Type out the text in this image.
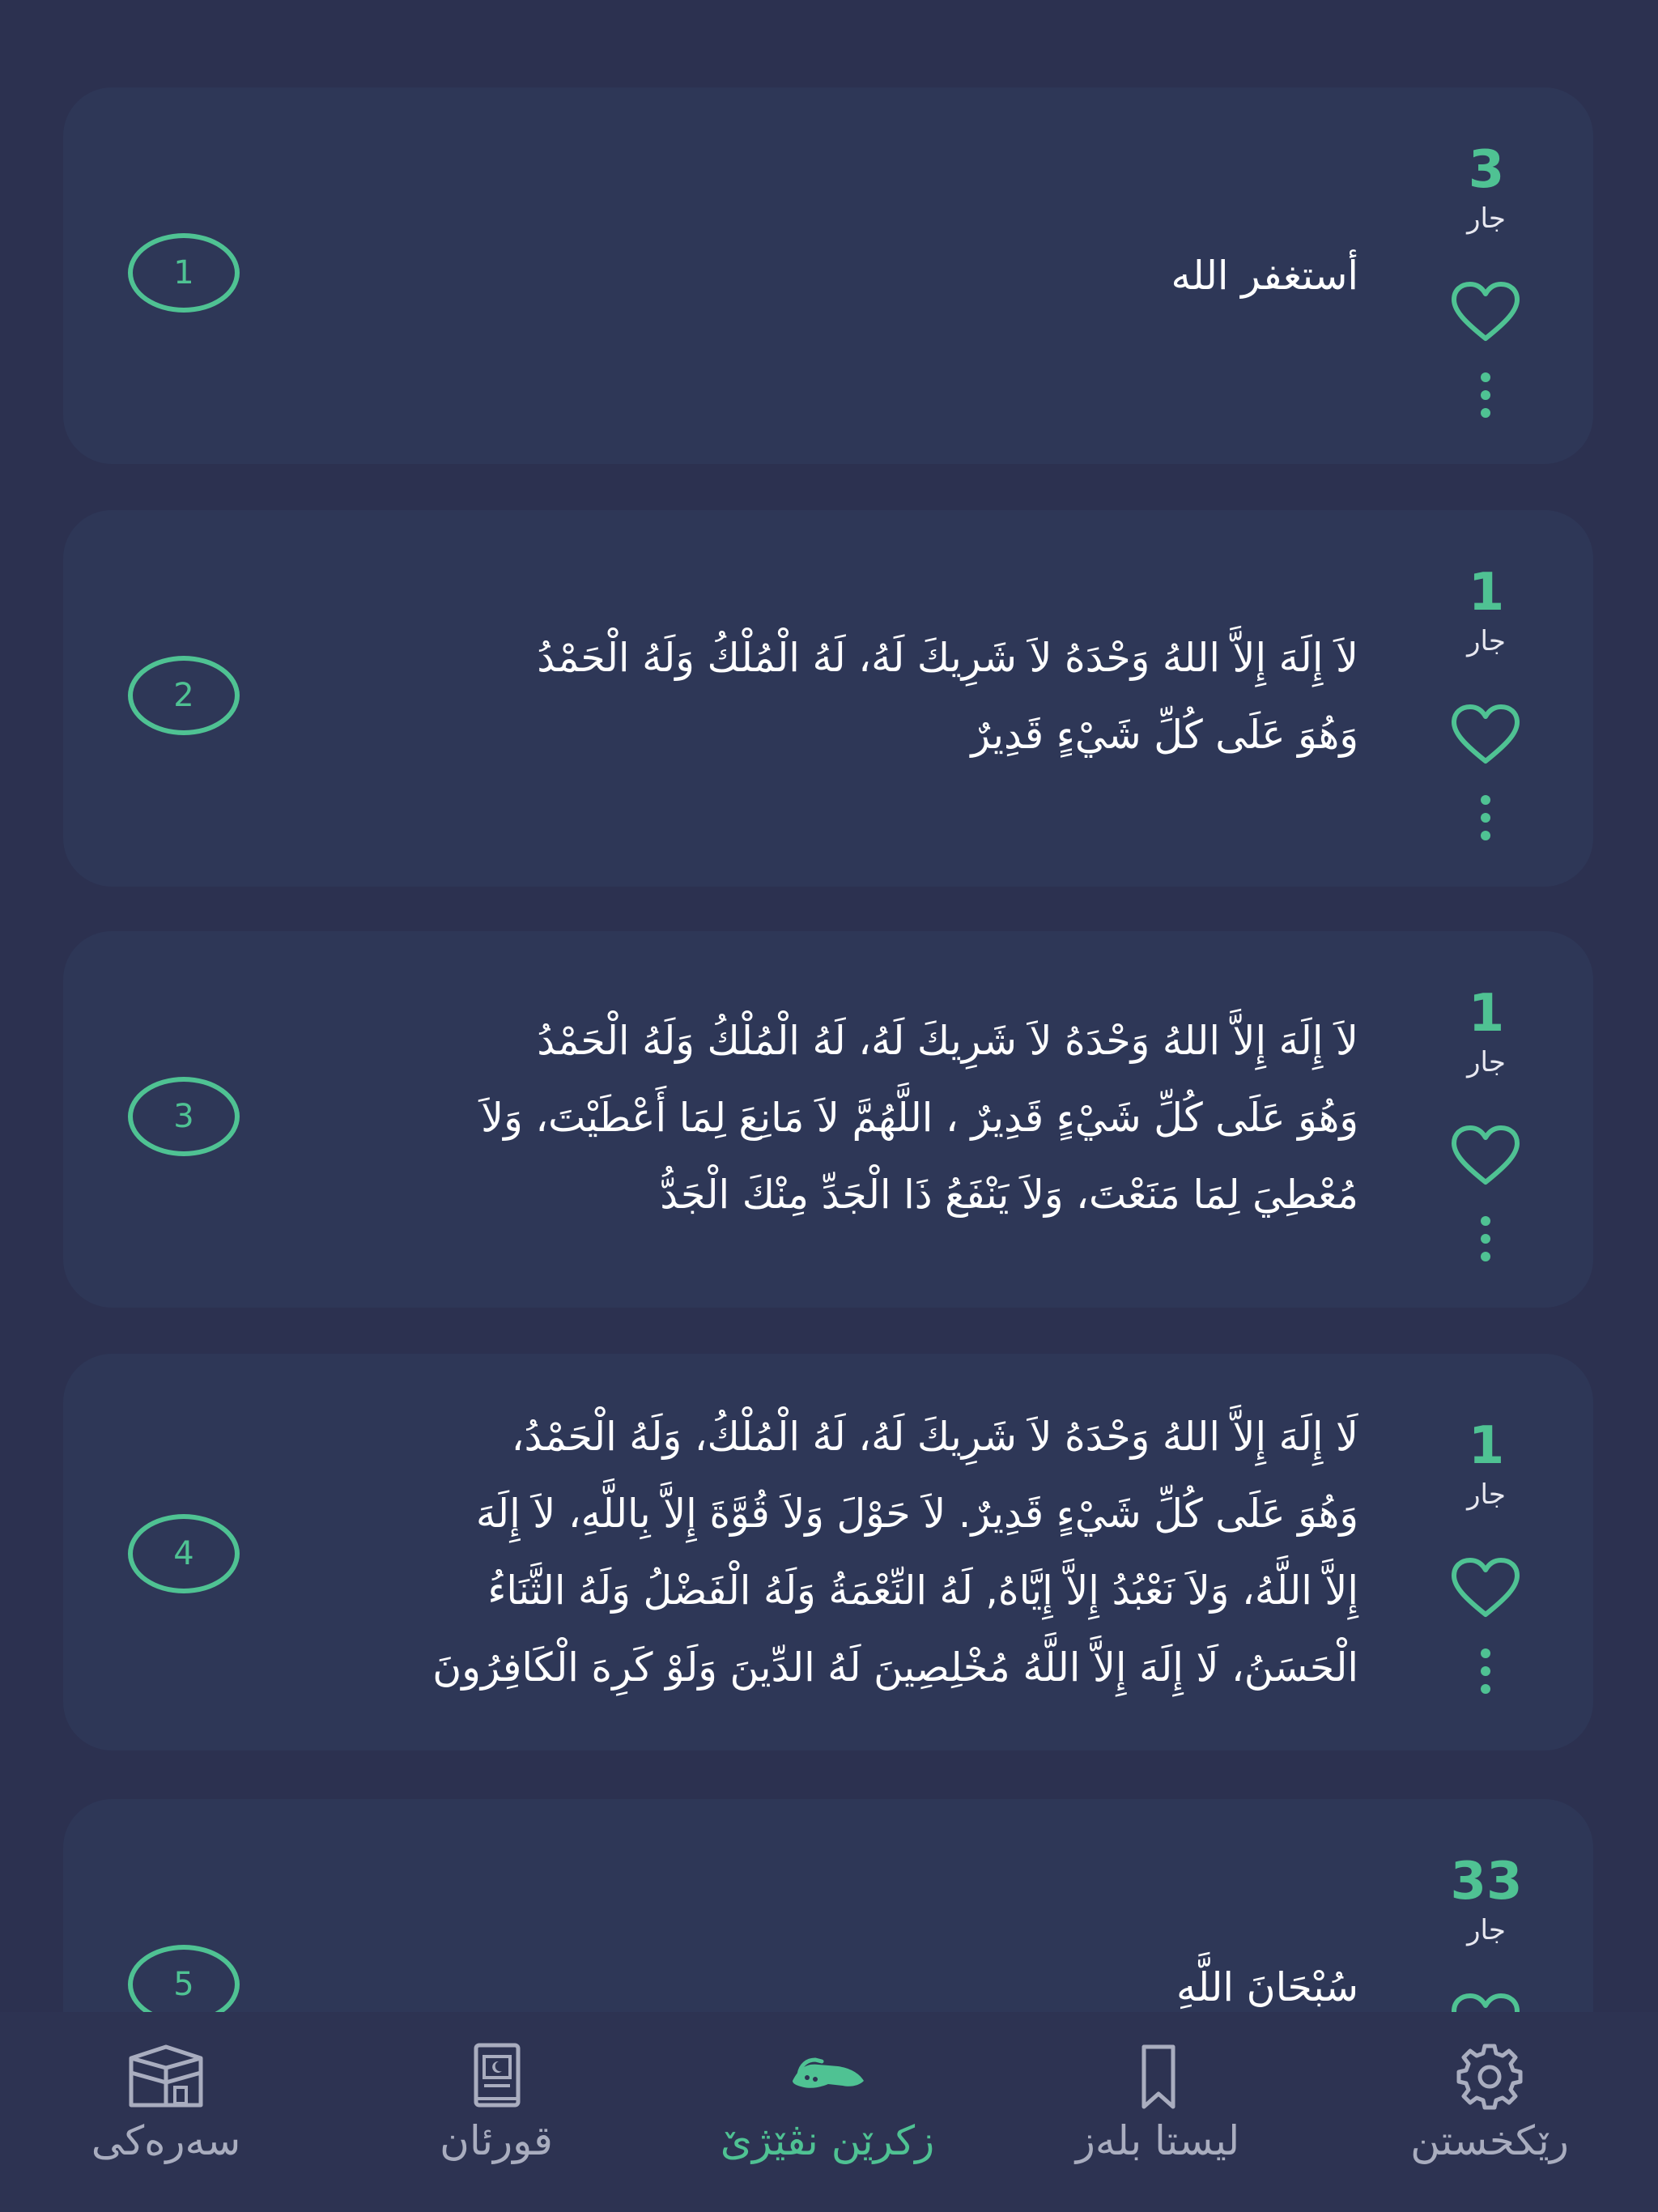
1	أستغفر الله
3
جار
2
لاَ إِلَهَ إِلاَّ اللهُ وَحْدَهُ لاَ شَرِيكَ لَهُ، لَهُ الْمُلْكُ وَلَهُ الْحَمْدُ
وَهُوَ عَلَى كُلِّ شَيْءٍ قَدِيرٌ
1
جار
3
لاَ إِلَهَ إِلاَّ اللهُ وَحْدَهُ لاَ شَرِيكَ لَهُ، لَهُ الْمُلْكُ وَلَهُ الْحَمْدُ
وَهُوَ عَلَى كُلِّ شَيْءٍ قَدِيرٌ ، اللَّهُمَّ لاَ مَانِعَ لِمَا أَعْطَيْتَ، وَلاَ
مُعْطِيَ لِمَا مَنَعْتَ، وَلاَ يَنْفَعُ ذَا الْجَدِّ مِنْكَ الْجَدُّ
1
جار
4
لَا إِلَهَ إِلاَّ اللهُ وَحْدَهُ لاَ شَرِيكَ لَهُ، لَهُ الْمُلْكُ، وَلَهُ الْحَمْدُ،
وَهُوَ عَلَى كُلِّ شَيْءٍ قَدِيرٌ. لاَ حَوْلَ وَلاَ قُوَّةَ إِلاَّ بِاللَّهِ، لاَ إِلَهَ
إِلاَّ اللَّهُ، وَلاَ نَعْبُدُ إِلاَّ إِيَّاهُ, لَهُ النِّعْمَةُ وَلَهُ الْفَضْلُ وَلَهُ الثَّنَاءُ
الْحَسَنُ، لَا إِلَهَ إِلاَّ اللَّهُ مُخْلِصِينَ لَهُ الدِّينَ وَلَوْ كَرِهَ الْكَافِرُونَ
1
جار
5	سُبْحَانَ اللَّهِ
33
جار
سەرەکی	قورئان	زکرێن نڤێژێ	لیستا بلەز	رێکخستن
